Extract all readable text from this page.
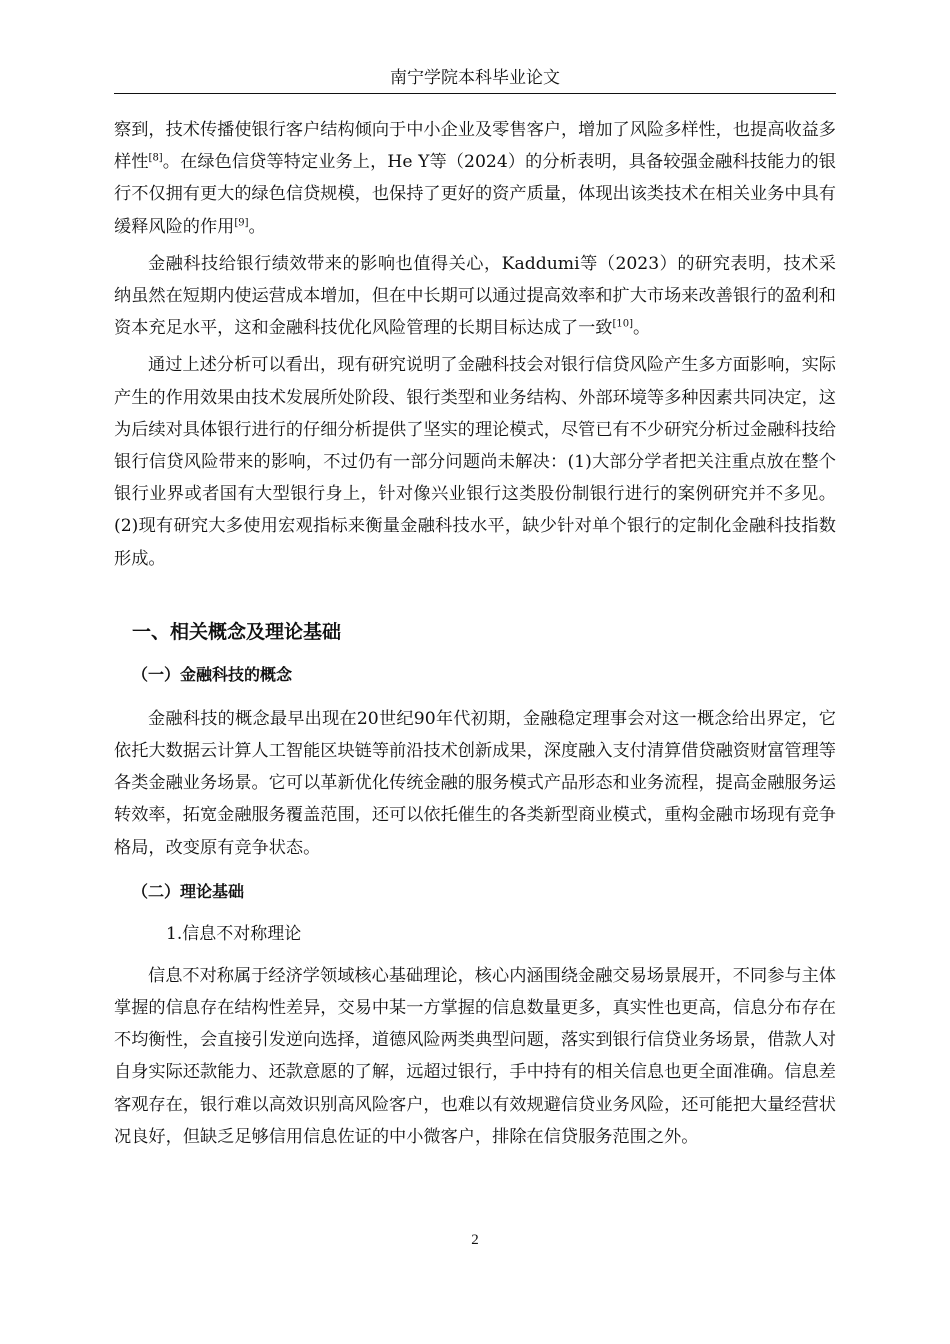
南宁学院本科毕业论文

察到，技术传播使银行客户结构倾向于中小企业及零售客户，增加了风险多样性，也提高收益多样性[8]。在绿色信贷等特定业务上，He Y等（2024）的分析表明，具备较强金融科技能力的银行不仅拥有更大的绿色信贷规模，也保持了更好的资产质量，体现出该类技术在相关业务中具有缓释风险的作用[9]。

金融科技给银行绩效带来的影响也值得关心，Kaddumi等（2023）的研究表明，技术采纳虽然在短期内使运营成本增加，但在中长期可以通过提高效率和扩大市场来改善银行的盈利和资本充足水平，这和金融科技优化风险管理的长期目标达成了一致[10]。

通过上述分析可以看出，现有研究说明了金融科技会对银行信贷风险产生多方面影响，实际产生的作用效果由技术发展所处阶段、银行类型和业务结构、外部环境等多种因素共同决定，这为后续对具体银行进行的仔细分析提供了坚实的理论模式，尽管已有不少研究分析过金融科技给银行信贷风险带来的影响，不过仍有一部分问题尚未解决：(1)大部分学者把关注重点放在整个银行业界或者国有大型银行身上，针对像兴业银行这类股份制银行进行的案例研究并不多见。(2)现有研究大多使用宏观指标来衡量金融科技水平，缺少针对单个银行的定制化金融科技指数形成。

一、相关概念及理论基础
（一）金融科技的概念

金融科技的概念最早出现在20世纪90年代初期，金融稳定理事会对这一概念给出界定，它依托大数据云计算人工智能区块链等前沿技术创新成果，深度融入支付清算借贷融资财富管理等各类金融业务场景。它可以革新优化传统金融的服务模式产品形态和业务流程，提高金融服务运转效率，拓宽金融服务覆盖范围，还可以依托催生的各类新型商业模式，重构金融市场现有竞争格局，改变原有竞争状态。

（二）理论基础
1.信息不对称理论

信息不对称属于经济学领域核心基础理论，核心内涵围绕金融交易场景展开，不同参与主体掌握的信息存在结构性差异，交易中某一方掌握的信息数量更多，真实性也更高，信息分布存在不均衡性，会直接引发逆向选择，道德风险两类典型问题，落实到银行信贷业务场景，借款人对自身实际还款能力、还款意愿的了解，远超过银行，手中持有的相关信息也更全面准确。信息差客观存在，银行难以高效识别高风险客户，也难以有效规避信贷业务风险，还可能把大量经营状况良好，但缺乏足够信用信息佐证的中小微客户，排除在信贷服务范围之外。

2
